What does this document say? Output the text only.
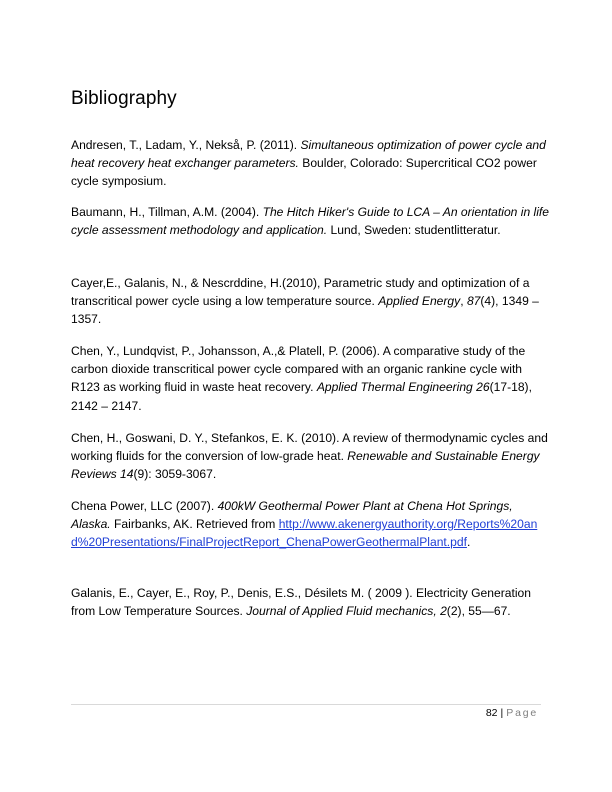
Bibliography

Andresen, T., Ladam, Y., Nekså, P. (2011). Simultaneous optimization of power cycle and heat recovery heat exchanger parameters. Boulder, Colorado: Supercritical CO2 power cycle symposium.

Baumann, H., Tillman, A.M. (2004). The Hitch Hiker's Guide to LCA – An orientation in life cycle assessment methodology and application. Lund, Sweden: studentlitteratur.

Cayer,E., Galanis, N., & Nescrddine, H.(2010), Parametric study and optimization of a transcritical power cycle using a low temperature source. Applied Energy, 87(4), 1349 – 1357.

Chen, Y., Lundqvist, P., Johansson, A.,& Platell, P. (2006). A comparative study of the carbon dioxide transcritical power cycle compared with an organic rankine cycle with R123 as working fluid in waste heat recovery. Applied Thermal Engineering 26(17-18), 2142 – 2147.

Chen, H., Goswani, D. Y., Stefankos, E. K. (2010). A review of thermodynamic cycles and working fluids for the conversion of low-grade heat. Renewable and Sustainable Energy Reviews 14(9): 3059-3067.

Chena Power, LLC (2007). 400kW Geothermal Power Plant at Chena Hot Springs, Alaska. Fairbanks, AK. Retrieved from http://www.akenergyauthority.org/Reports%20and%20Presentations/FinalProjectReport_ChenaPowerGeothermalPlant.pdf.

Galanis, E., Cayer, E., Roy, P., Denis, E.S., Désilets M. ( 2009 ). Electricity Generation from Low Temperature Sources. Journal of Applied Fluid mechanics, 2(2), 55—67.

82 | Page
